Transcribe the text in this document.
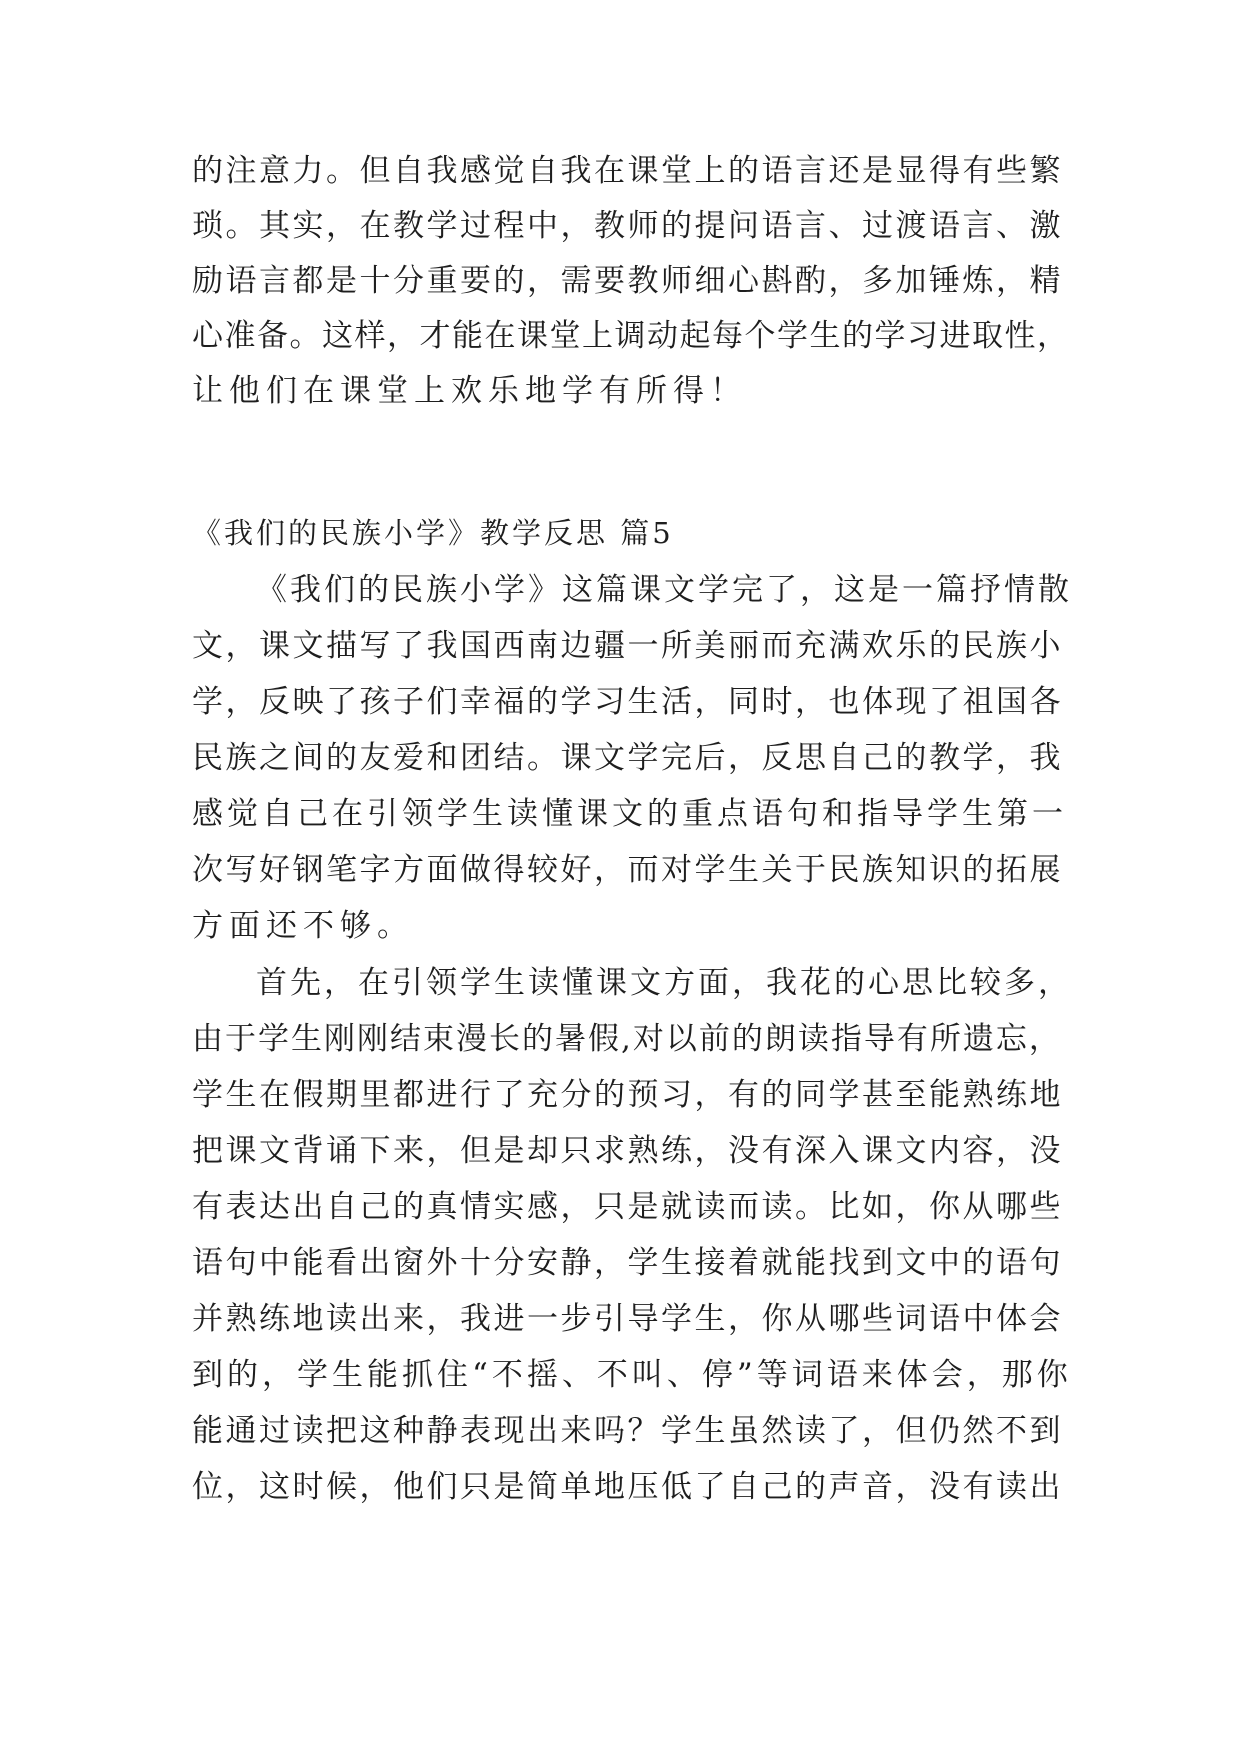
的注意力。但自我感觉自我在课堂上的语言还是显得有些繁
琐。其实，在教学过程中，教师的提问语言、过渡语言、激
励语言都是十分重要的，需要教师细心斟酌，多加锤炼，精
心准备。这样，才能在课堂上调动起每个学生的学习进取性，
让他们在课堂上欢乐地学有所得！
《我们的民族小学》教学反思 篇5
《我们的民族小学》这篇课文学完了，这是一篇抒情散
文，课文描写了我国西南边疆一所美丽而充满欢乐的民族小
学，反映了孩子们幸福的学习生活，同时，也体现了祖国各
民族之间的友爱和团结。课文学完后，反思自己的教学，我
感觉自己在引领学生读懂课文的重点语句和指导学生第一
次写好钢笔字方面做得较好，而对学生关于民族知识的拓展
方面还不够。
首先，在引领学生读懂课文方面，我花的心思比较多，
由于学生刚刚结束漫长的暑假,对以前的朗读指导有所遗忘，
学生在假期里都进行了充分的预习，有的同学甚至能熟练地
把课文背诵下来，但是却只求熟练，没有深入课文内容，没
有表达出自己的真情实感，只是就读而读。比如，你从哪些
语句中能看出窗外十分安静，学生接着就能找到文中的语句
并熟练地读出来，我进一步引导学生，你从哪些词语中体会
到的，学生能抓住“不摇、不叫、停”等词语来体会，那你
能通过读把这种静表现出来吗？学生虽然读了，但仍然不到
位，这时候，他们只是简单地压低了自己的声音，没有读出
